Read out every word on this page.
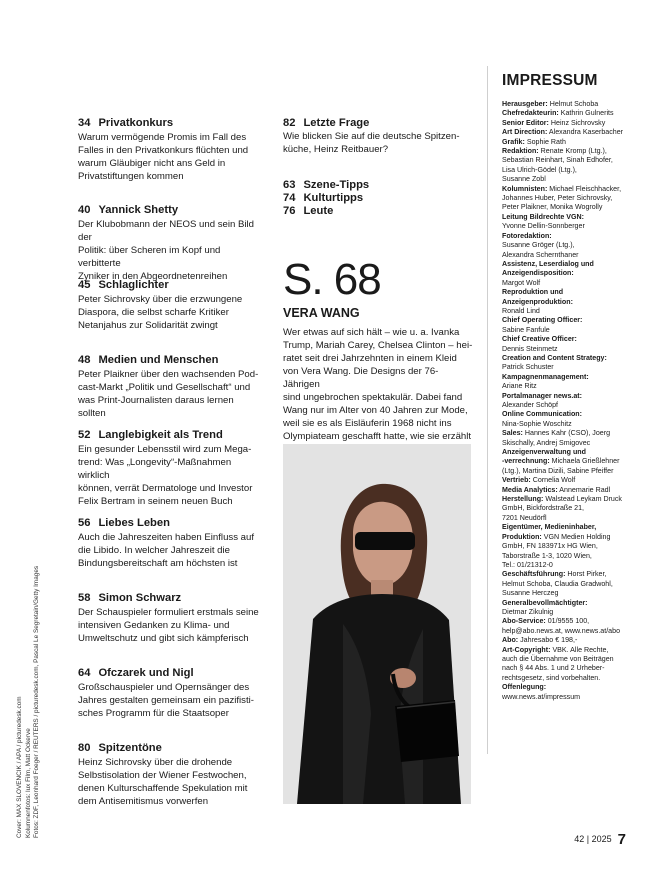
34 Privatkonkurs
Warum vermögende Promis im Fall des
Falles in den Privatkonkurs flüchten und
warum Gläubiger nicht ans Geld in
Privatstiftungen kommen
40 Yannick Shetty
Der Klubobmann der NEOS und sein Bild der
Politik: über Scheren im Kopf und verbitterte
Zyniker in den Abgeordnetenreihen
45 Schlaglichter
Peter Sichrovsky über die erzwungene
Diaspora, die selbst scharfe Kritiker
Netanjahus zur Solidarität zwingt
48 Medien und Menschen
Peter Plaikner über den wachsenden Pod-
cast-Markt „Politik und Gesellschaft“ und
was Print-Journalisten daraus lernen sollten
52 Langlebigkeit als Trend
Ein gesunder Lebensstil wird zum Mega-
trend: Was „Longevity“-Maßnahmen wirklich
können, verrät Dermatologe und Investor
Felix Bertram in seinem neuen Buch
56 Liebes Leben
Auch die Jahreszeiten haben Einfluss auf
die Libido. In welcher Jahreszeit die
Bindungsbereitschaft am höchsten ist
58 Simon Schwarz
Der Schauspieler formuliert erstmals seine
intensiven Gedanken zu Klima- und
Umweltschutz und gibt sich kämpferisch
64 Ofczarek und Nigl
Großschauspieler und Opernsänger des
Jahres gestalten gemeinsam ein pazifisti-
sches Programm für die Staatsoper
80 Spitzentöne
Heinz Sichrovsky über die drohende
Selbstisolation der Wiener Festwochen,
denen Kulturschaffende Spekulation mit
dem Antisemitismus vorwerfen
82 Letzte Frage
Wie blicken Sie auf die deutsche Spitzen-
küche, Heinz Reitbauer?
63 Szene-Tipps
74 Kulturtipps
76 Leute
S. 68
VERA WANG
Wer etwas auf sich hält – wie u. a. Ivanka
Trump, Mariah Carey, Chelsea Clinton – hei-
ratet seit drei Jahrzehnten in einem Kleid
von Vera Wang. Die Designs der 76-Jährigen
sind ungebrochen spektakulär. Dabei fand
Wang nur im Alter von 40 Jahren zur Mode,
weil sie es als Eisläuferin 1968 nicht ins
Olympiateam geschafft hatte, wie sie erzählt
Cover: MAX SLOVENCIK / APA / picturedesk.com Kolumnenfotos: lux Film, Matt Ockerve Fotos: ZDF, Leonhard Foeger / REUTERS / picturedesk.com, Pascal Le Segretain/Getty Images
IMPRESSUM
Herausgeber: Helmut Schoba
Chefredakteurin: Kathrin Gulnerits
Senior Editor: Heinz Sichrovsky
Art Direction: Alexandra Kaserbacher
Grafik: Sophie Rath
Redaktion: Renate Kromp (Ltg.),
Sebastian Reinhart, Sinah Edhofer,
Lisa Ulrich-Gödel (Ltg.),
Susanne Zobl
Kolumnisten: Michael Fleischhacker,
Johannes Huber, Peter Sichrovsky,
Peter Plaikner, Monika Wogrolly
Leitung Bildrechte VGN:
Yvonne Dellin-Sonnberger
Fotoredaktion:
Susanne Gröger (Ltg.),
Alexandra Schernthaner
Assistenz, Leserdialog und
Anzeigendisposition:
Margot Wolf
Reproduktion und
Anzeigenproduktion:
Ronald Lind
Chief Operating Officer:
Sabine Fanfule
Chief Creative Officer:
Dennis Steinmetz
Creation and Content Strategy:
Patrick Schuster
Kampagnenmanagement:
Ariane Ritz
Portalmanager news.at:
Alexander Schöpf
Online Communication:
Nina-Sophie Woschitz
Sales: Hannes Kahr (CSO), Joerg
Skischally, Andrej Smigovec
Anzeigenverwaltung und
-verrechnung: Michaela Grießlehner
(Ltg.), Martina Dizili, Sabine Pfeiffer
Vertrieb: Cornelia Wolf
Media Analytics: Annemarie Radl
Herstellung: Walstead Leykam Druck
GmbH, Bickfordstraße 21,
7201 Neudörfl
Eigentümer, Medieninhaber,
Produktion: VGN Medien Holding
GmbH, FN 183971x HG Wien,
Taborstraße 1-3, 1020 Wien,
Tel.: 01/21312-0
Geschäftsführung: Horst Pirker,
Helmut Schoba, Claudia Gradwohl,
Susanne Herczeg
Generalbevollmächtigter:
Dietmar Zikulnig
Abo-Service: 01/9555 100,
help@abo.news.at, www.news.at/abo
Abo: Jahresabo € 198,-
Art-Copyright: VBK. Alle Rechte,
auch die Übernahme von Beiträgen
nach § 44 Abs. 1 und 2 Urheber-
rechtsgesetz, sind vorbehalten.
Offenlegung:
www.news.at/impressum
42 | 2025 7
